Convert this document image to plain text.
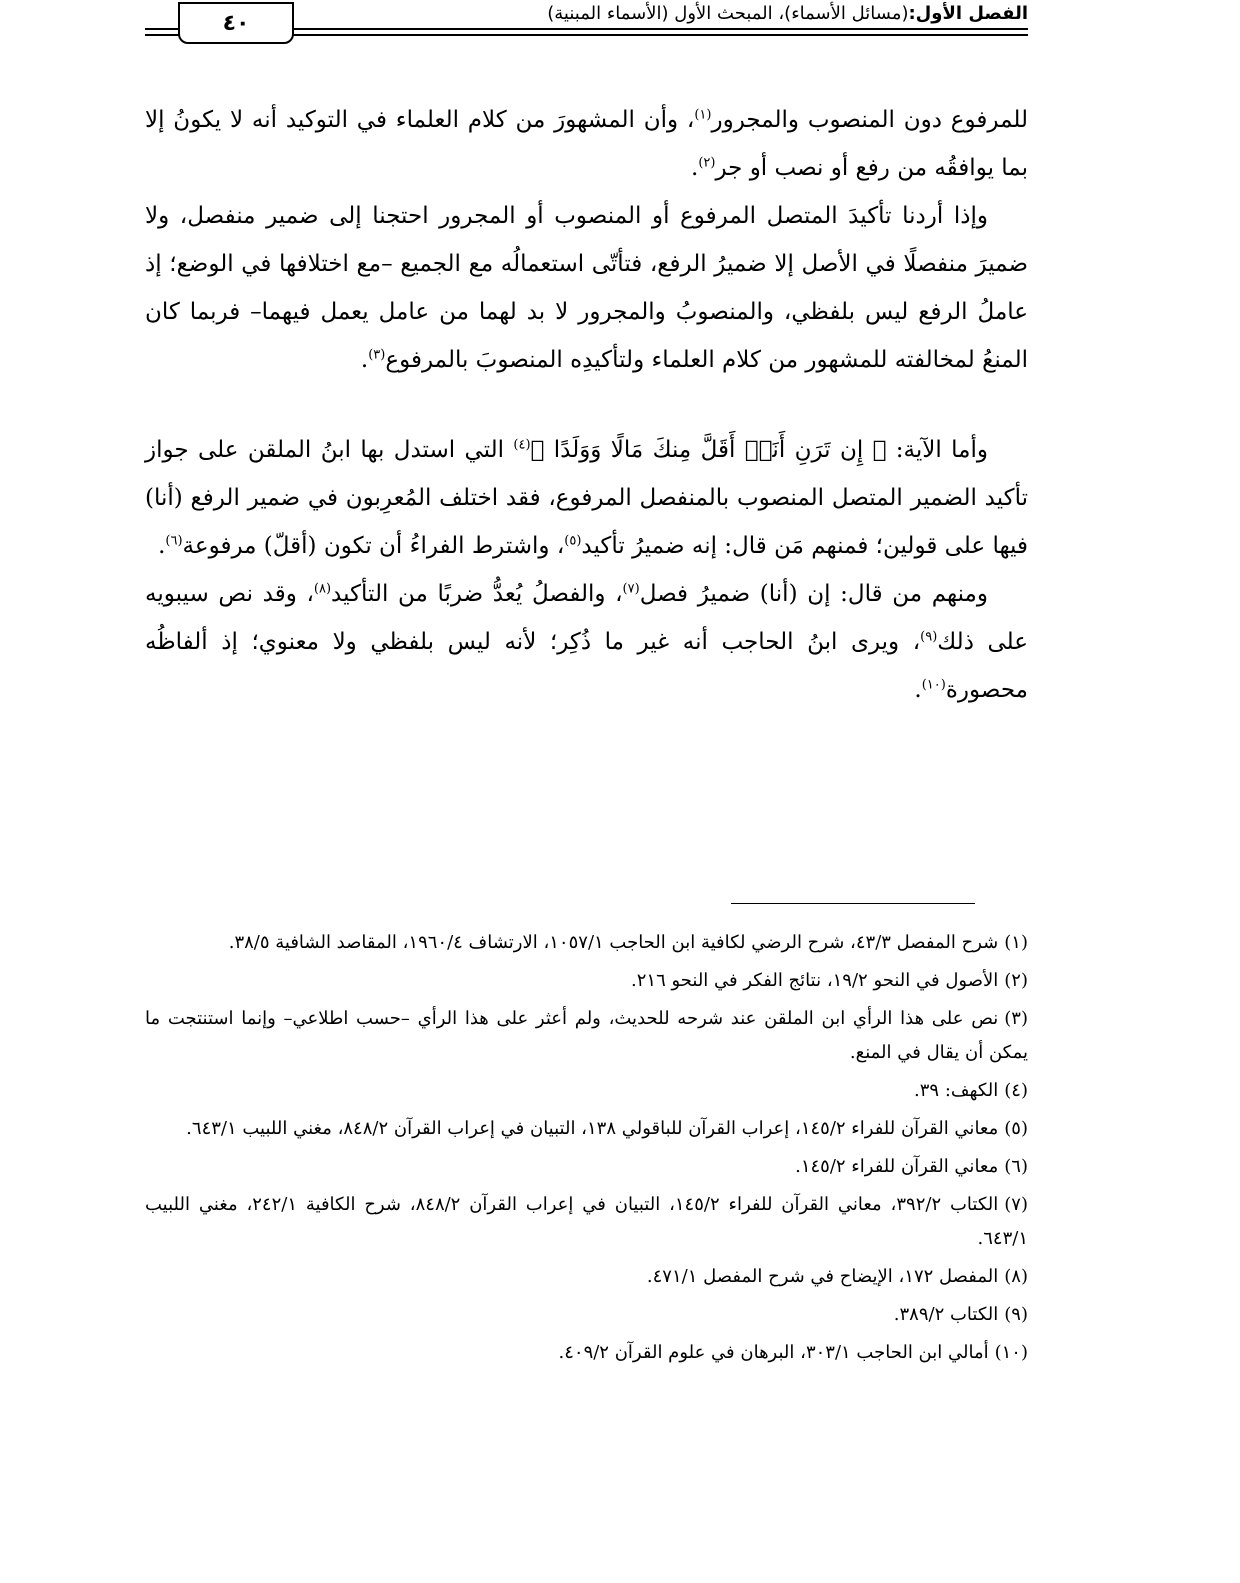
الفصل الأول:(مسائل الأسماء)، المبحث الأول (الأسماء المبنية)
٤٠

للمرفوع دون المنصوب والمجرور$^{(١)}$، وأن المشهورَ من كلام العلماء في التوكيد أنه لا يكونُ إلا بما يوافقُه من رفع أو نصب أو جر$^{(٢)}$.

وإذا أردنا تأكيدَ المتصل المرفوع أو المنصوب أو المجرور احتجنا إلى ضمير منفصل، ولا ضميرَ منفصلًا في الأصل إلا ضميرُ الرفع، فتأتّى استعمالُه مع الجميع –مع اختلافها في الوضع؛ إذ عاملُ الرفع ليس بلفظي، والمنصوبُ والمجرور لا بد لهما من عامل يعمل فيهما– فربما كان المنعُ لمخالفته للمشهور من كلام العلماء ولتأكيدِه المنصوبَ بالمرفوع$^{(٣)}$.

وأما الآية: ﴿ إِن تَرَنِ أَنَا۠ أَقَلَّ مِنكَ مَالًا وَوَلَدًا ﴾$^{(٤)}$ التي استدل بها ابنُ الملقن على جواز تأكيد الضمير المتصل المنصوب بالمنفصل المرفوع، فقد اختلف المُعرِبون في ضمير الرفع (أنا) فيها على قولين؛ فمنهم مَن قال: إنه ضميرُ تأكيد$^{(٥)}$، واشترط الفراءُ أن تكون (أقلّ) مرفوعة$^{(٦)}$.

ومنهم من قال: إن (أنا) ضميرُ فصل$^{(٧)}$، والفصلُ يُعدُّ ضربًا من التأكيد$^{(٨)}$، وقد نص سيبويه على ذلك$^{(٩)}$، ويرى ابنُ الحاجب أنه غير ما ذُكِر؛ لأنه ليس بلفظي ولا معنوي؛ إذ ألفاظُه محصورة$^{(١٠)}$.

(١)شرح المفصل ٤٣/٣، شرح الرضي لكافية ابن الحاجب ١٠٥٧/١، الارتشاف ١٩٦٠/٤، المقاصد الشافية ٣٨/٥.

(٢)الأصول في النحو ١٩/٢، نتائج الفكر في النحو ٢١٦.

(٣)نص على هذا الرأي ابن الملقن عند شرحه للحديث، ولم أعثر على هذا الرأي –حسب اطلاعي– وإنما استنتجت ما يمكن أن يقال في المنع.

(٤)الكهف: ٣٩.

(٥)معاني القرآن للفراء ١٤٥/٢، إعراب القرآن للباقولي ١٣٨، التبيان في إعراب القرآن ٨٤٨/٢، مغني اللبيب ٦٤٣/١.

(٦)معاني القرآن للفراء ١٤٥/٢.

(٧)الكتاب ٣٩٢/٢، معاني القرآن للفراء ١٤٥/٢، التبيان في إعراب القرآن ٨٤٨/٢، شرح الكافية ٢٤٢/١، مغني اللبيب ٦٤٣/١.

(٨)المفصل ١٧٢، الإيضاح في شرح المفصل ٤٧١/١.

(٩)الكتاب ٣٨٩/٢.

(١٠)أمالي ابن الحاجب ٣٠٣/١، البرهان في علوم القرآن ٤٠٩/٢.
